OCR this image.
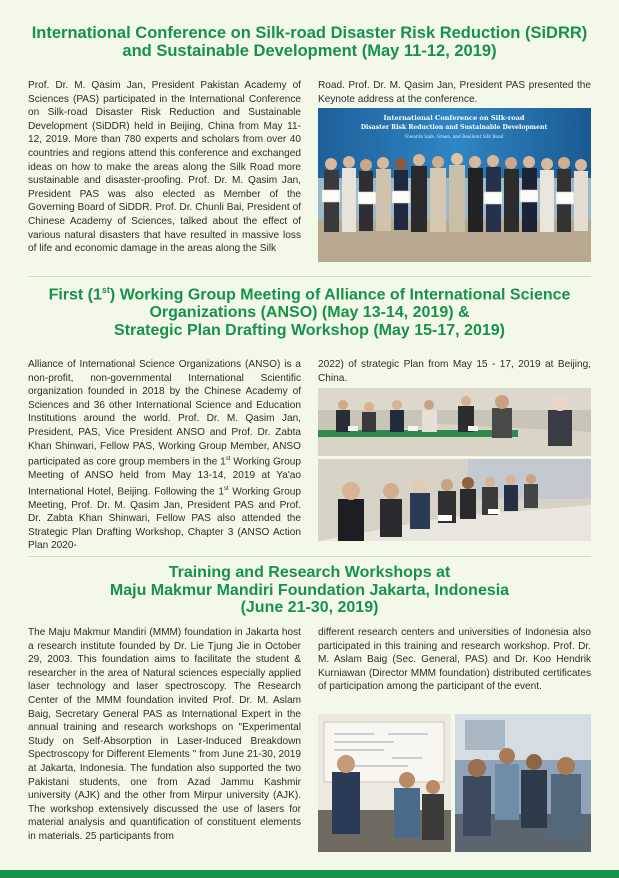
International Conference on Silk-road Disaster Risk Reduction (SiDRR)
and Sustainable Development (May 11-12, 2019)
Prof. Dr. M. Qasim Jan, President Pakistan Academy of Sciences (PAS) participated in the International Conference on Silk-road Disaster Risk Reduction and Sustainable Development (SiDDR) held in Beijing, China from May 11-12, 2019. More than 780 experts and scholars from over 40 countries and regions attend this conference and exchanged ideas on how to make the areas along the Silk Road more sustainable and disaster-proofing. Prof. Dr. M. Qasim Jan, President PAS was also elected as Member of the Governing Board of SiDDR. Prof. Dr. Chunli Bai, President of Chinese Academy of Sciences, talked about the effect of various natural disasters that have resulted in massive loss of life and economic damage in the areas along the Silk
Road. Prof. Dr. M. Qasim Jan, President PAS presented the Keynote address at the conference.
International Conference on Silk-road
Disaster Risk Reduction and Sustainable Development
Towards Safe, Green, and Resilient Silk Road
First (1st) Working Group Meeting of Alliance of International Science
Organizations (ANSO) (May 13-14, 2019) &
Strategic Plan Drafting Workshop (May 15-17, 2019)
Alliance of International Science Organizations (ANSO) is a non-profit, non-governmental International Scientific organization founded in 2018 by the Chinese Academy of Sciences and 36 other International Science and Education Institutions around the world. Prof. Dr. M. Qasim Jan, President, PAS, Vice President ANSO and Prof. Dr. Zabta Khan Shinwari, Fellow PAS, Working Group Member, ANSO participated as core group members in the 1st Working Group Meeting of ANSO held from May 13-14, 2019 at Ya'ao International Hotel, Beijing. Following the 1st Working Group Meeting, Prof. Dr. M. Qasim Jan, President PAS and Prof. Dr. Zabta Khan Shinwari, Fellow PAS also attended the Strategic Plan Drafting Workshop, Chapter 3 (ANSO Action Plan 2020-
2022) of strategic Plan from May 15 - 17, 2019 at Beijing, China.
Training and Research Workshops at
Maju Makmur Mandiri Foundation Jakarta, Indonesia
(June 21-30, 2019)
The Maju Makmur Mandiri (MMM) foundation in Jakarta host a research institute founded by Dr. Lie Tjung Jie in October 29, 2003. This foundation aims to facilitate the student & researcher in the area of Natural sciences especially applied laser technology and laser spectroscopy. The Research Center of the MMM foundation invited Prof. Dr. M. Aslam Baig, Secretary General PAS as International Expert in the annual training and research workshops on "Experimental Study on Self-Absorption in Laser-Induced Breakdown Spectroscopy for Different Elements " from June 21-30, 2019 at Jakarta, Indonesia. The fundation also supported the two Pakistani students, one from Azad Jammu Kashmir university (AJK) and the other from Mirpur university (AJK). The workshop extensively discussed the use of lasers for material analysis and quantification of constituent elements in materials. 25 participants from
different research centers and universities of Indonesia also participated in this training and research workshop. Prof. Dr. M. Aslam Baig (Sec. General, PAS) and Dr. Koo Hendrik Kurniawan (Director MMM foundation) distributed certificates of participation among the participant of the event.
